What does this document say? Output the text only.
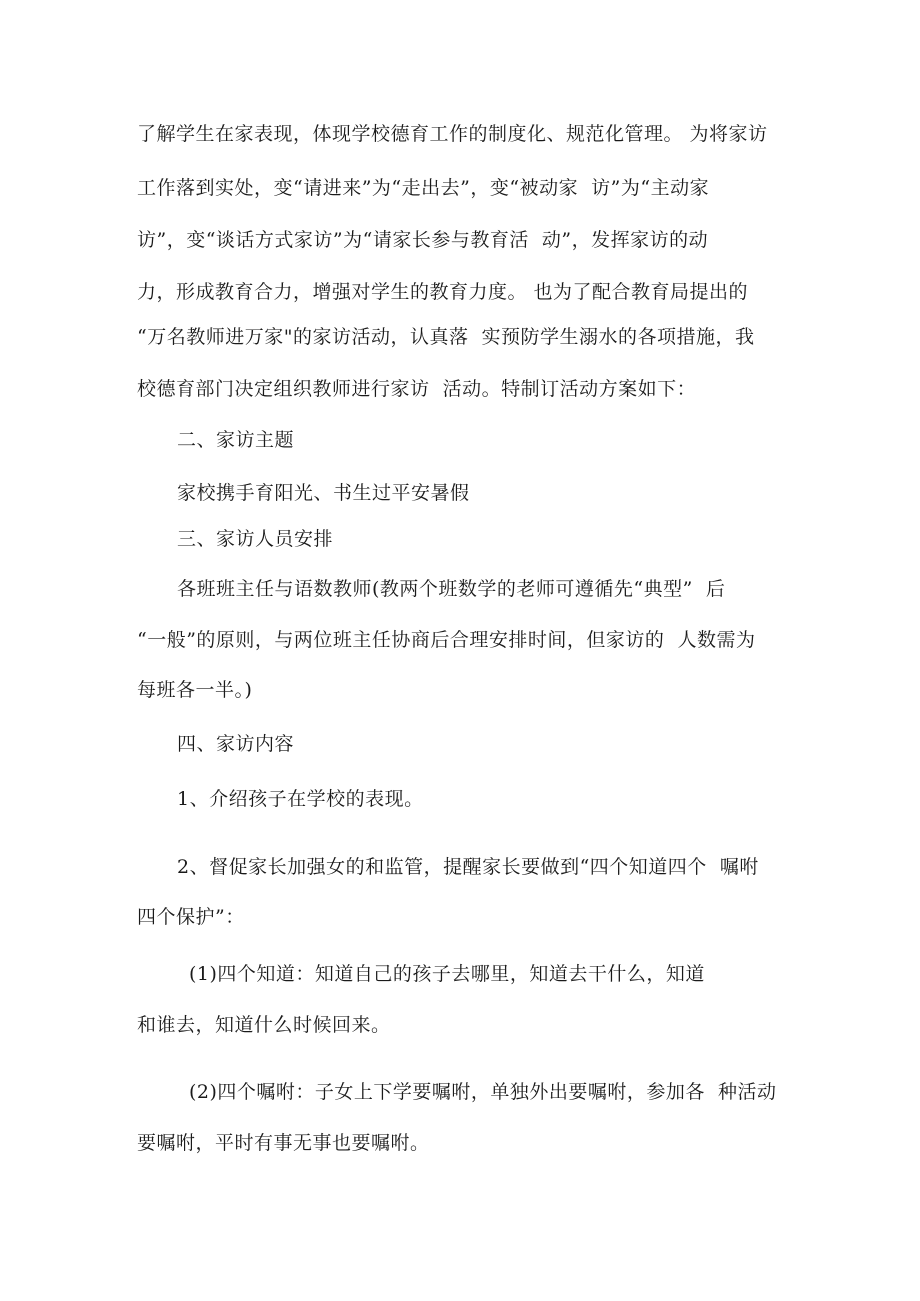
了解学生在家表现，体现学校德育工作的制度化、规范化管理。 为将家访
工作落到实处，变“请进来”为“走出去”，变“被动家  访”为“主动家
访”，变“谈话方式家访”为“请家长参与教育活  动”，发挥家访的动
力，形成教育合力，增强对学生的教育力度。 也为了配合教育局提出的
“万名教师进万家"的家访活动，认真落  实预防学生溺水的各项措施，我
校德育部门决定组织教师进行家访  活动。特制订活动方案如下：
二、家访主题
家校携手育阳光、书生过平安暑假
三、家访人员安排
各班班主任与语数教师(教两个班数学的老师可遵循先“典型”  后
“一般”的原则，与两位班主任协商后合理安排时间，但家访的  人数需为
每班各一半。)
四、家访内容
1、介绍孩子在学校的表现。
2、督促家长加强女的和监管，提醒家长要做到“四个知道四个  嘱咐
四个保护”：
(1)四个知道：知道自己的孩子去哪里，知道去干什么，知道
和谁去，知道什么时候回来。
(2)四个嘱咐：子女上下学要嘱咐，单独外出要嘱咐，参加各  种活动
要嘱咐，平时有事无事也要嘱咐。
